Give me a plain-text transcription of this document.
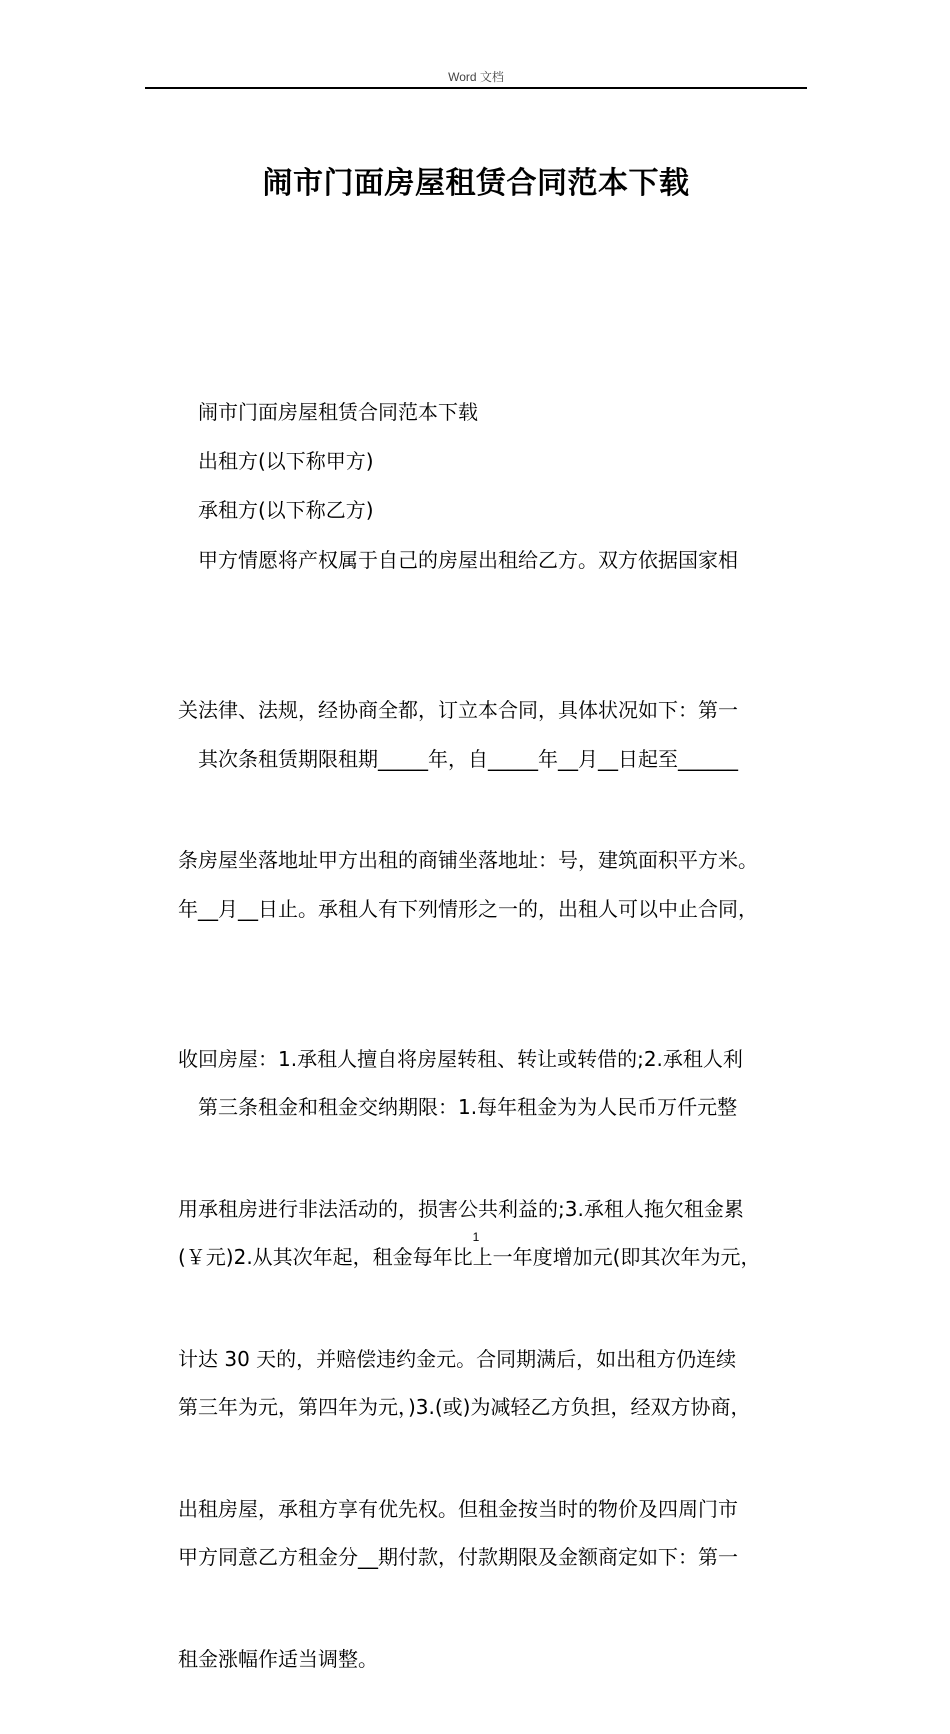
Word 文档
闹市门面房屋租赁合同范本下载

　闹市门面房屋租赁合同范本下载

　出租方(以下称甲方)

　承租方(以下称乙方)

　甲方情愿将产权属于自己的房屋出租给乙方。双方依据国家相

关法律、法规，经协商全都，订立本合同，具体状况如下：第一

条房屋坐落地址甲方出租的商铺坐落地址：号，建筑面积平方米。

　其次条租赁期限租期_____年，自_____年__月__日起至______

年__月__日止。承租人有下列情形之一的，出租人可以中止合同，

收回房屋：1.承租人擅自将房屋转租、转让或转借的;2.承租人利

用承租房进行非法活动的，损害公共利益的;3.承租人拖欠租金累

计达 30 天的，并赔偿违约金元。合同期满后，如出租方仍连续

出租房屋，承租方享有优先权。但租金按当时的物价及四周门市

租金涨幅作适当调整。

　第三条租金和租金交纳期限：1.每年租金为为人民币万仟元整

(￥元)2.从其次年起，租金每年比上一年度增加元(即其次年为元，

第三年为元，第四年为元，)3.(或)为减轻乙方负担，经双方协商，

甲方同意乙方租金分__期付款，付款期限及金额商定如下：第一

1
